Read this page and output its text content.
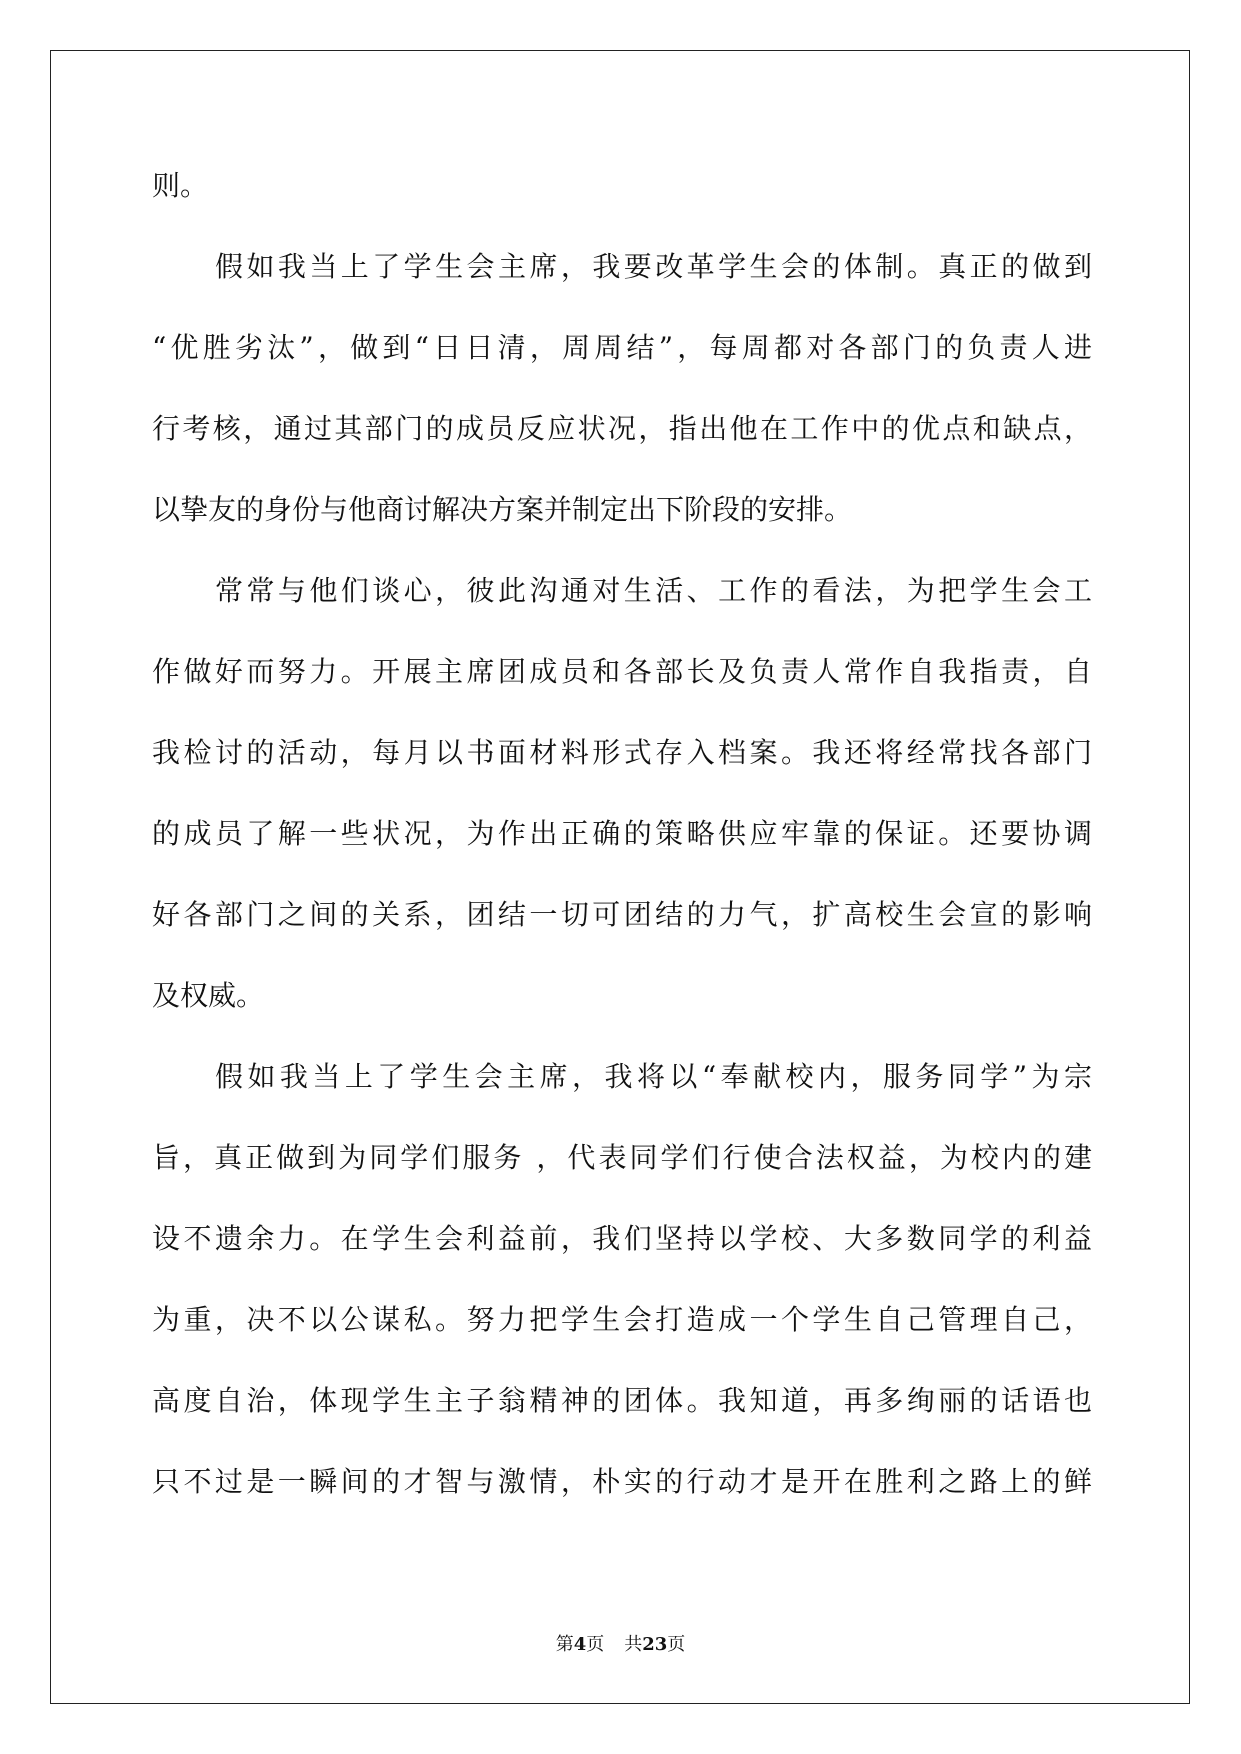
则。
假如我当上了学生会主席，我要改革学生会的体制。真正的做到
“优胜劣汰”，做到“日日清，周周结”，每周都对各部门的负责人进
行考核，通过其部门的成员反应状况，指出他在工作中的优点和缺点，
以挚友的身份与他商讨解决方案并制定出下阶段的安排。
常常与他们谈心，彼此沟通对生活、工作的看法，为把学生会工
作做好而努力。开展主席团成员和各部长及负责人常作自我指责，自
我检讨的活动，每月以书面材料形式存入档案。我还将经常找各部门
的成员了解一些状况，为作出正确的策略供应牢靠的保证。还要协调
好各部门之间的关系，团结一切可团结的力气，扩高校生会宣的影响
及权威。
假如我当上了学生会主席，我将以“奉献校内，服务同学”为宗
旨，真正做到为同学们服务 ，代表同学们行使合法权益，为校内的建
设不遗余力。在学生会利益前，我们坚持以学校、大多数同学的利益
为重，决不以公谋私。努力把学生会打造成一个学生自己管理自己，
高度自治，体现学生主子翁精神的团体。我知道，再多绚丽的话语也
只不过是一瞬间的才智与激情，朴实的行动才是开在胜利之路上的鲜
第4页 共23页
